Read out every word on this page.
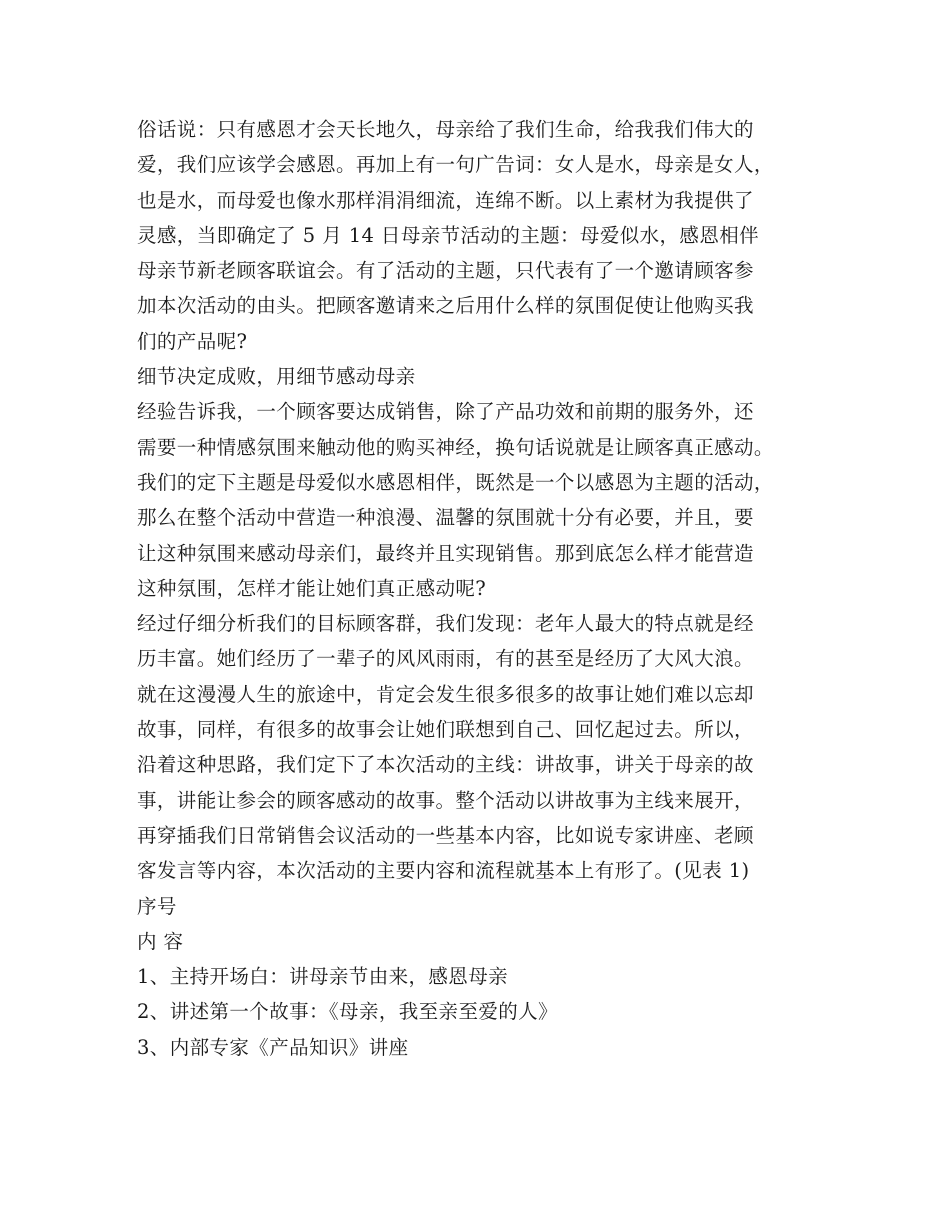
俗话说：只有感恩才会天长地久，母亲给了我们生命，给我我们伟大的
爱，我们应该学会感恩。再加上有一句广告词：女人是水，母亲是女人，
也是水，而母爱也像水那样涓涓细流，连绵不断。以上素材为我提供了
灵感，当即确定了 5 月 14 日母亲节活动的主题：母爱似水，感恩相伴
母亲节新老顾客联谊会。有了活动的主题，只代表有了一个邀请顾客参
加本次活动的由头。把顾客邀请来之后用什么样的氛围促使让他购买我
们的产品呢?
细节决定成败，用细节感动母亲
经验告诉我，一个顾客要达成销售，除了产品功效和前期的服务外，还
需要一种情感氛围来触动他的购买神经，换句话说就是让顾客真正感动。
我们的定下主题是母爱似水感恩相伴，既然是一个以感恩为主题的活动，
那么在整个活动中营造一种浪漫、温馨的氛围就十分有必要，并且，要
让这种氛围来感动母亲们，最终并且实现销售。那到底怎么样才能营造
这种氛围，怎样才能让她们真正感动呢?
经过仔细分析我们的目标顾客群，我们发现：老年人最大的特点就是经
历丰富。她们经历了一辈子的风风雨雨，有的甚至是经历了大风大浪。
就在这漫漫人生的旅途中，肯定会发生很多很多的故事让她们难以忘却
故事，同样，有很多的故事会让她们联想到自己、回忆起过去。所以，
沿着这种思路，我们定下了本次活动的主线：讲故事，讲关于母亲的故
事，讲能让参会的顾客感动的故事。整个活动以讲故事为主线来展开，
再穿插我们日常销售会议活动的一些基本内容，比如说专家讲座、老顾
客发言等内容，本次活动的主要内容和流程就基本上有形了。(见表 1)
序号
内 容
1、主持开场白：讲母亲节由来，感恩母亲
2、讲述第一个故事：《母亲，我至亲至爱的人》
3、内部专家《产品知识》讲座
